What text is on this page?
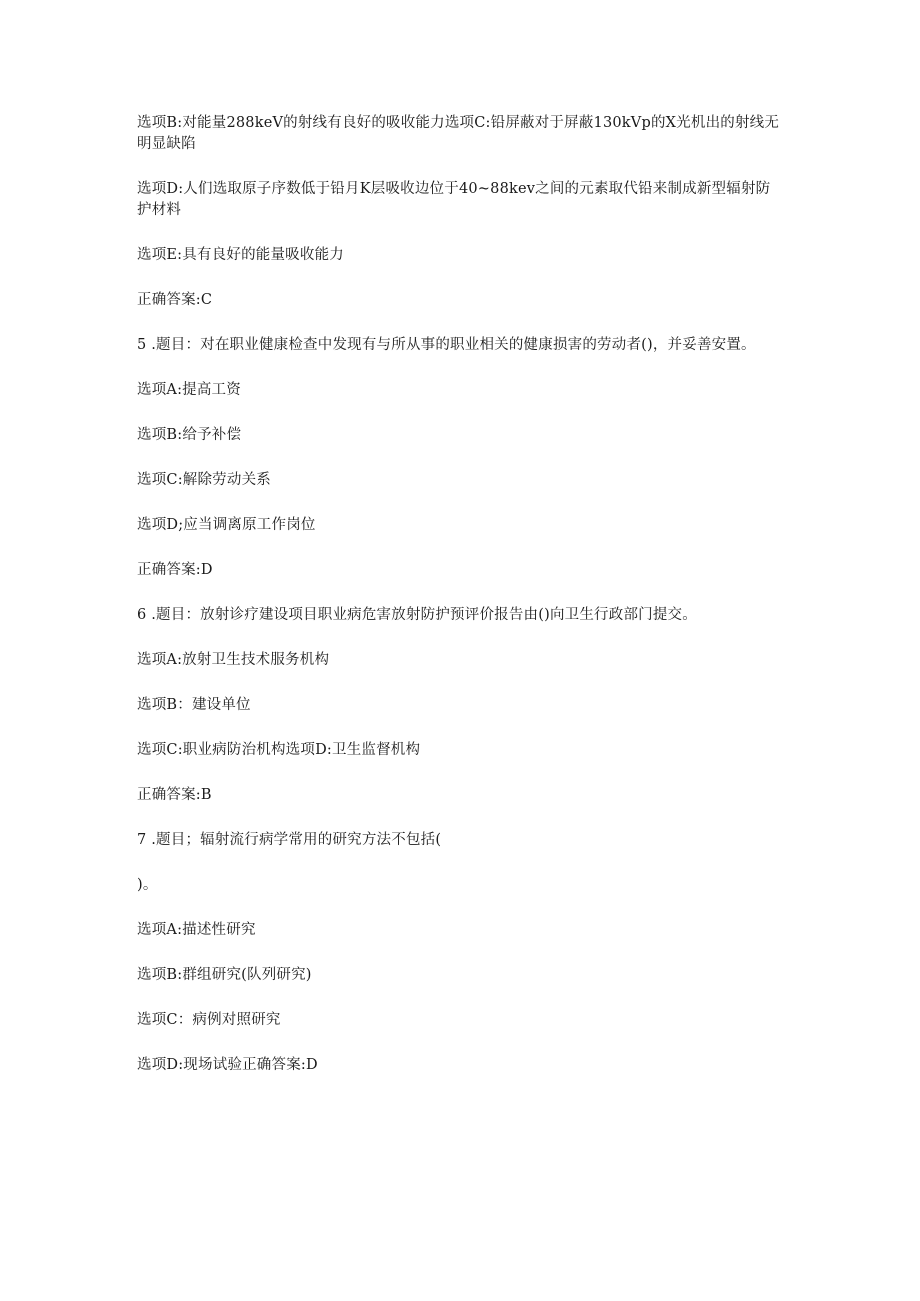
选项B:对能量288keV的射线有良好的吸收能力选项C:铅屏蔽对于屏蔽130kVp的X光机出的射线无明显缺陷

选项D:人们选取原子序数低于铅月K层吸收边位于40~88kev之间的元素取代铅来制成新型辐射防护材料

选项E:具有良好的能量吸收能力

正确答案:C

5 .题目：对在职业健康检查中发现有与所从事的职业相关的健康损害的劳动者()，并妥善安置。

选项A:提高工资

选项B:给予补偿

选项C:解除劳动关系

选项D;应当调离原工作岗位

正确答案:D

6 .题目：放射诊疗建设项目职业病危害放射防护预评价报告由()向卫生行政部门提交。

选项A:放射卫生技术服务机构

选项B：建设单位

选项C:职业病防治机构选项D:卫生监督机构

正确答案:B

7 .题目；辐射流行病学常用的研究方法不包括(

)。

选项A:描述性研究

选项B:群组研究(队列研究)

选项C：病例对照研究

选项D:现场试验正确答案:D
